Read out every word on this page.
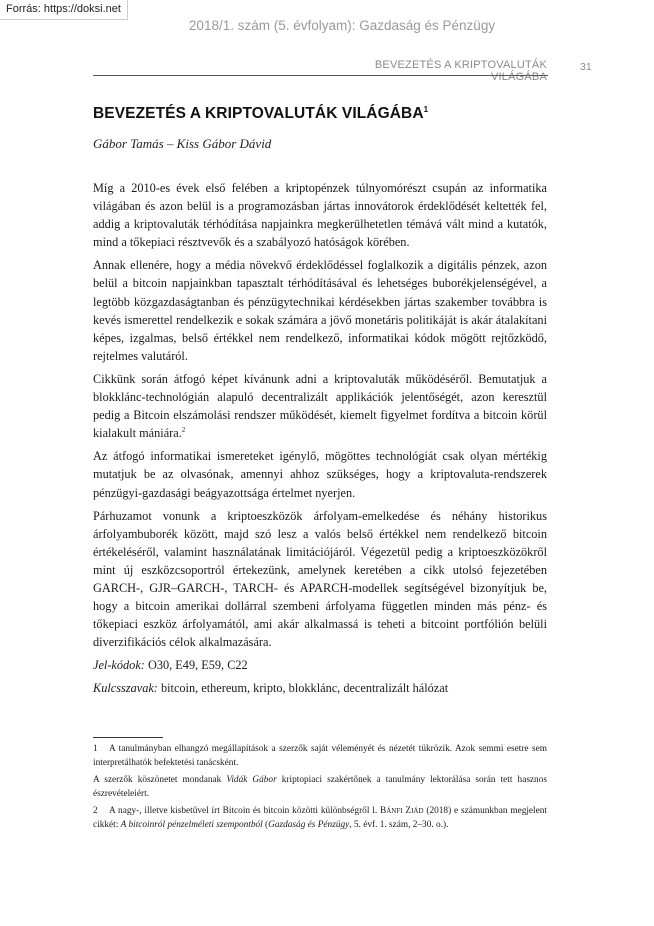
Forrás: https://doksi.net
2018/1. szám (5. évfolyam): Gazdaság és Pénzügy
BEVEZETÉS A KRIPTOVALUTÁK VILÁGÁBA
31
BEVEZETÉS A KRIPTOVALUTÁK VILÁGÁBA$^1$

Gábor Tamás – Kiss Gábor Dávid

Míg a 2010-es évek első felében a kriptopénzek túlnyomórészt csupán az informatika világában és azon belül is a programozásban jártas innovátorok érdeklődését keltették fel, addig a kriptovaluták térhódítása napjainkra megkerülhetetlen témává vált mind a kutatók, mind a tőkepiaci résztvevők és a szabályozó hatóságok körében.

Annak ellenére, hogy a média növekvő érdeklődéssel foglalkozik a digitális pénzek, azon belül a bitcoin napjainkban tapasztalt térhódításával és lehetséges buborékjelenségével, a legtöbb közgazdaságtanban és pénzügytechnikai kérdésekben jártas szakember továbbra is kevés ismerettel rendelkezik e sokak számára a jövő monetáris politikáját is akár átalakítani képes, izgalmas, belső értékkel nem rendelkező, informatikai kódok mögött rejtőzködő, rejtelmes valutáról.

Cikkünk során átfogó képet kívánunk adni a kriptovaluták működéséről. Bemutatjuk a blokklánc-technológián alapuló decentralizált applikációk jelentőségét, azon keresztül pedig a Bitcoin elszámolási rendszer működését, kiemelt figyelmet fordítva a bitcoin körül kialakult mániára.$^2$

Az átfogó informatikai ismereteket igénylő, mögöttes technológiát csak olyan mértékig mutatjuk be az olvasónak, amennyi ahhoz szükséges, hogy a kriptovaluta-rendszerek pénzügyi-gazdasági beágyazottsága értelmet nyerjen.

Párhuzamot vonunk a kriptoeszközök árfolyam-emelkedése és néhány historikus árfolyambuborék között, majd szó lesz a valós belső értékkel nem rendelkező bitcoin értékeléséről, valamint használatának limitációjáról. Végezetül pedig a kriptoeszközökről mint új eszközcsoportról értekezünk, amelynek keretében a cikk utolsó fejezetében GARCH-, GJR–GARCH-, TARCH- és APARCH-modellek segítségével bizonyítjuk be, hogy a bitcoin amerikai dollárral szembeni árfolyama független minden más pénz- és tőkepiaci eszköz árfolyamától, ami akár alkalmassá is teheti a bitcoint portfólión belüli diverzifikációs célok alkalmazására.

Jel-kódok: O30, E49, E59, C22

Kulcsszavak: bitcoin, ethereum, kripto, blokklánc, decentralizált hálózat

1 A tanulmányban elhangzó megállapítások a szerzők saját véleményét és nézetét tükrözik. Azok semmi esetre sem interpretálhatók befektetési tanácsként.

A szerzők köszönetet mondanak Vidák Gábor kriptopiaci szakértőnek a tanulmány lektorálása során tett hasznos észrevételeiért.

2 A nagy-, illetve kisbetűvel írt Bitcoin és bitcoin közötti különbségről l. Bánfi Ziád (2018) e számunkban megjelent cikkét: A bitcoinról pénzelméleti szempontból (Gazdaság és Pénzügy, 5. évf. 1. szám, 2–30. o.).
